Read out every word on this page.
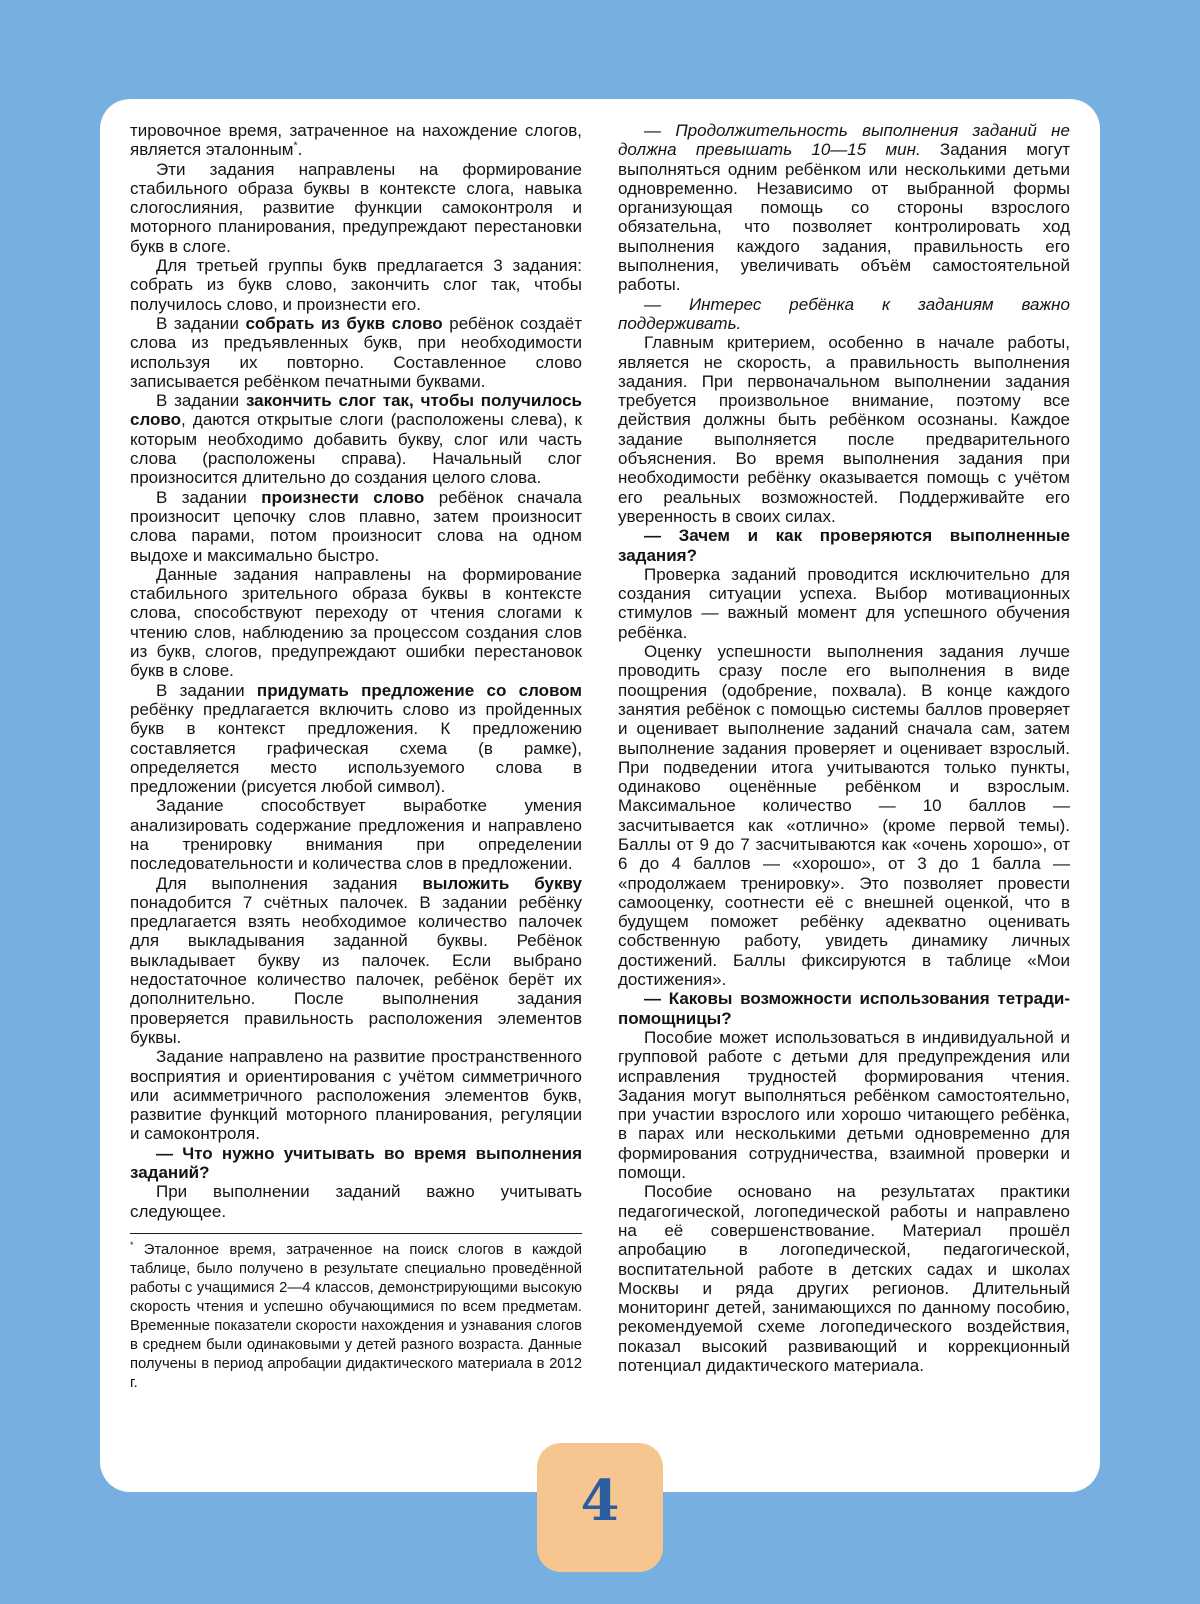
тировочное время, затраченное на нахождение слогов, является эталонным*.

Эти задания направлены на формирование стабильного образа буквы в контексте слога, навыка слогослияния, развитие функции самоконтроля и моторного планирования, предупреждают перестановки букв в слоге.

Для третьей группы букв предлагается 3 задания: собрать из букв слово, закончить слог так, чтобы получилось слово, и произнести его.

В задании собрать из букв слово ребёнок создаёт слова из предъявленных букв, при необходимости используя их повторно. Составленное слово записывается ребёнком печатными буквами.

В задании закончить слог так, чтобы получилось слово, даются открытые слоги (расположены слева), к которым необходимо добавить букву, слог или часть слова (расположены справа). Начальный слог произносится длительно до создания целого слова.

В задании произнести слово ребёнок сначала произносит цепочку слов плавно, затем произносит слова парами, потом произносит слова на одном выдохе и максимально быстро.

Данные задания направлены на формирование стабильного зрительного образа буквы в контексте слова, способствуют переходу от чтения слогами к чтению слов, наблюдению за процессом создания слов из букв, слогов, предупреждают ошибки перестановок букв в слове.

В задании придумать предложение со словом ребёнку предлагается включить слово из пройденных букв в контекст предложения. К предложению составляется графическая схема (в рамке), определяется место используемого слова в предложении (рисуется любой символ).

Задание способствует выработке умения анализировать содержание предложения и направлено на тренировку внимания при определении последовательности и количества слов в предложении.

Для выполнения задания выложить букву понадобится 7 счётных палочек. В задании ребёнку предлагается взять необходимое количество палочек для выкладывания заданной буквы. Ребёнок выкладывает букву из палочек. Если выбрано недостаточное количество палочек, ребёнок берёт их дополнительно. После выполнения задания проверяется правильность расположения элементов буквы.

Задание направлено на развитие пространственного восприятия и ориентирования с учётом симметричного или асимметричного расположения элементов букв, развитие функций моторного планирования, регуляции и самоконтроля.

— Что нужно учитывать во время выполнения заданий?

При выполнении заданий важно учитывать следующее.

* Эталонное время, затраченное на поиск слогов в каждой таблице, было получено в результате специально проведённой работы с учащимися 2—4 классов, демонстрирующими высокую скорость чтения и успешно обучающимися по всем предметам. Временные показатели скорости нахождения и узнавания слогов в среднем были одинаковыми у детей разного возраста. Данные получены в период апробации дидактического материала в 2012 г.

— Продолжительность выполнения заданий не должна превышать 10—15 мин. Задания могут выполняться одним ребёнком или несколькими детьми одновременно. Независимо от выбранной формы организующая помощь со стороны взрослого обязательна, что позволяет контролировать ход выполнения каждого задания, правильность его выполнения, увеличивать объём самостоятельной работы.

— Интерес ребёнка к заданиям важно поддерживать.

Главным критерием, особенно в начале работы, является не скорость, а правильность выполнения задания. При первоначальном выполнении задания требуется произвольное внимание, поэтому все действия должны быть ребёнком осознаны. Каждое задание выполняется после предварительного объяснения. Во время выполнения задания при необходимости ребёнку оказывается помощь с учётом его реальных возможностей. Поддерживайте его уверенность в своих силах.

— Зачем и как проверяются выполненные задания?

Проверка заданий проводится исключительно для создания ситуации успеха. Выбор мотивационных стимулов — важный момент для успешного обучения ребёнка.

Оценку успешности выполнения задания лучше проводить сразу после его выполнения в виде поощрения (одобрение, похвала). В конце каждого занятия ребёнок с помощью системы баллов проверяет и оценивает выполнение заданий сначала сам, затем выполнение задания проверяет и оценивает взрослый. При подведении итога учитываются только пункты, одинаково оценённые ребёнком и взрослым. Максимальное количество — 10 баллов — засчитывается как «отлично» (кроме первой темы). Баллы от 9 до 7 засчитываются как «очень хорошо», от 6 до 4 баллов — «хорошо», от 3 до 1 балла — «продолжаем тренировку». Это позволяет провести самооценку, соотнести её с внешней оценкой, что в будущем поможет ребёнку адекватно оценивать собственную работу, увидеть динамику личных достижений. Баллы фиксируются в таблице «Мои достижения».

— Каковы возможности использования тетради-помощницы?

Пособие может использоваться в индивидуальной и групповой работе с детьми для предупреждения или исправления трудностей формирования чтения. Задания могут выполняться ребёнком самостоятельно, при участии взрослого или хорошо читающего ребёнка, в парах или несколькими детьми одновременно для формирования сотрудничества, взаимной проверки и помощи.

Пособие основано на результатах практики педагогической, логопедической работы и направлено на её совершенствование. Материал прошёл апробацию в логопедической, педагогической, воспитательной работе в детских садах и школах Москвы и ряда других регионов. Длительный мониторинг детей, занимающихся по данному пособию, рекомендуемой схеме логопедического воздействия, показал высокий развивающий и коррекционный потенциал дидактического материала.

4
